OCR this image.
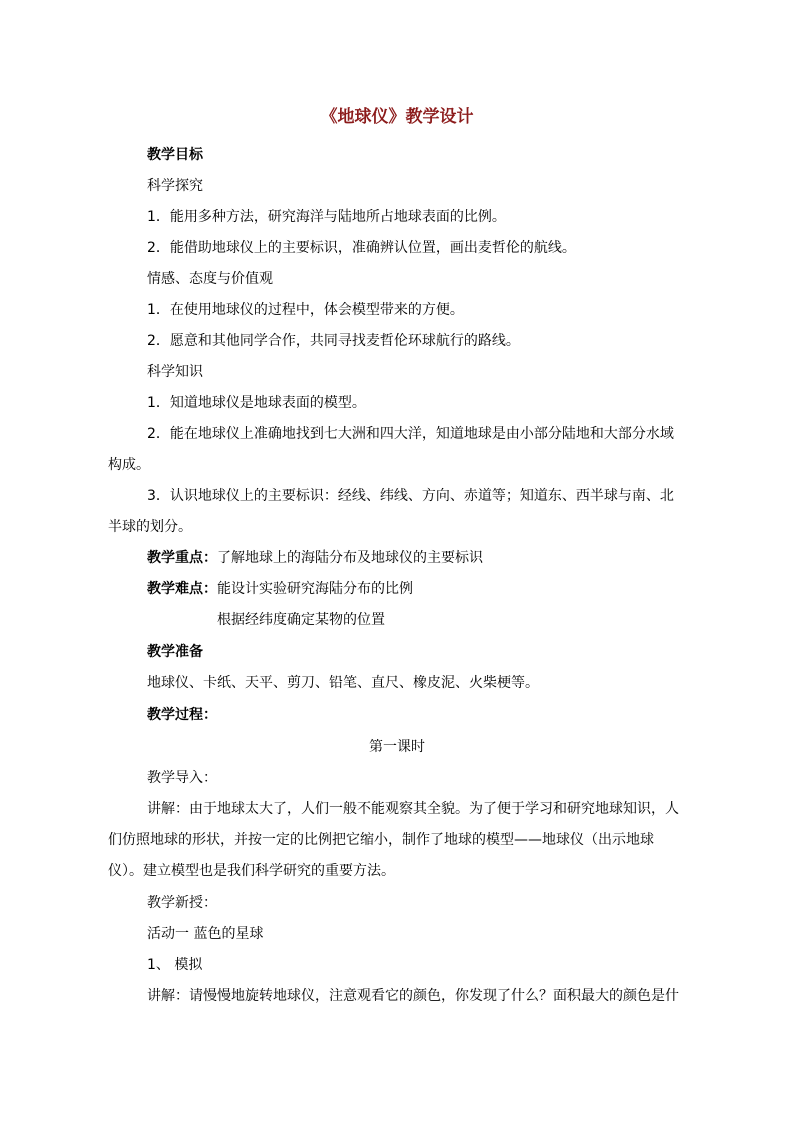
《地球仪》教学设计
教学目标
科学探究
1．能用多种方法，研究海洋与陆地所占地球表面的比例。
2．能借助地球仪上的主要标识，准确辨认位置，画出麦哲伦的航线。
情感、态度与价值观
1．在使用地球仪的过程中，体会模型带来的方便。
2．愿意和其他同学合作，共同寻找麦哲伦环球航行的路线。
科学知识
1．知道地球仪是地球表面的模型。
2．能在地球仪上准确地找到七大洲和四大洋，知道地球是由小部分陆地和大部分水域
构成。
3．认识地球仪上的主要标识：经线、纬线、方向、赤道等；知道东、西半球与南、北
半球的划分。
教学重点：了解地球上的海陆分布及地球仪的主要标识
教学难点：能设计实验研究海陆分布的比例
根据经纬度确定某物的位置
教学准备
地球仪、卡纸、天平、剪刀、铅笔、直尺、橡皮泥、火柴梗等。
教学过程：
第一课时
教学导入：
讲解：由于地球太大了，人们一般不能观察其全貌。为了便于学习和研究地球知识，人
们仿照地球的形状，并按一定的比例把它缩小，制作了地球的模型——地球仪（出示地球
仪）。建立模型也是我们科学研究的重要方法。
教学新授：
活动一 蓝色的星球
1、 模拟
讲解：请慢慢地旋转地球仪，注意观看它的颜色，你发现了什么？面积最大的颜色是什
